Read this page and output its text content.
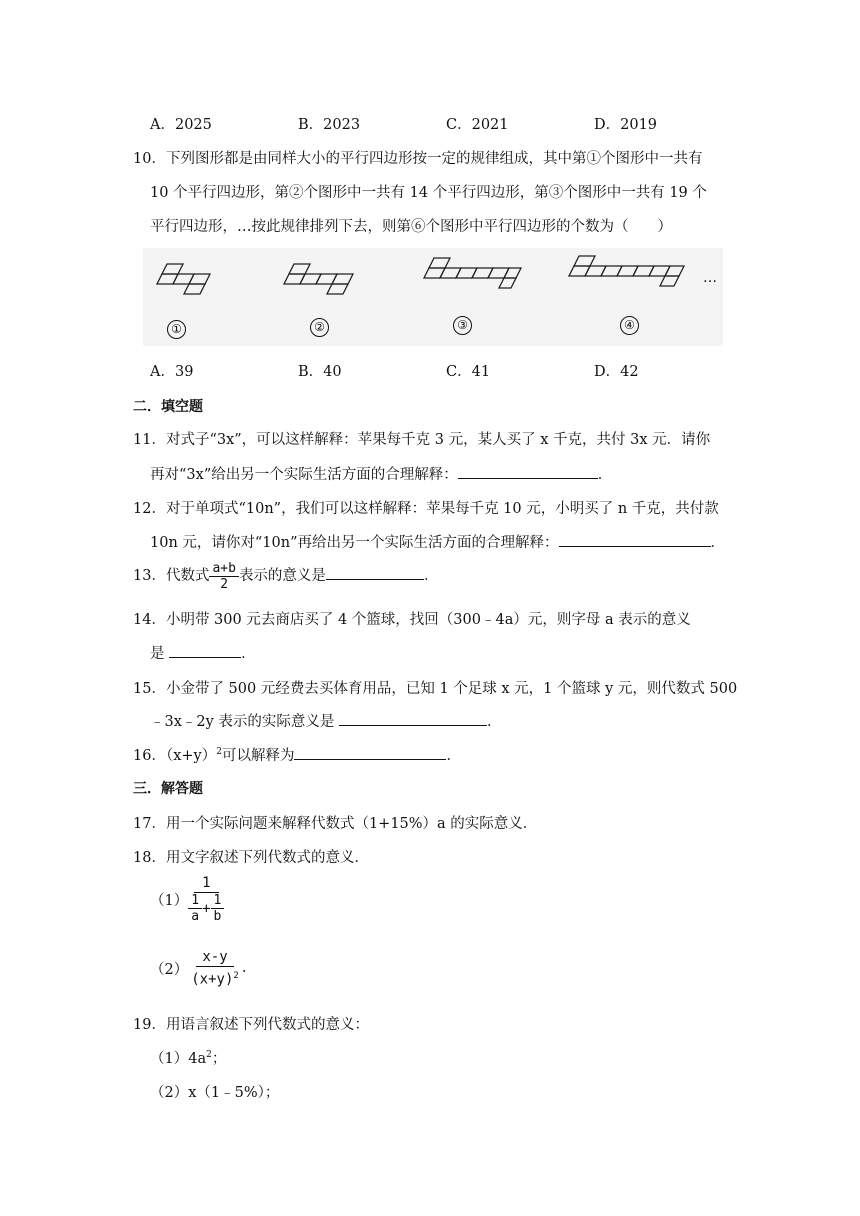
A．2025	B．2023	C．2021	D．2019
10．下列图形都是由同样大小的平行四边形按一定的规律组成，其中第①个图形中一共有
10 个平行四边形，第②个图形中一共有 14 个平行四边形，第③个图形中一共有 19 个
平行四边形，…按此规律排列下去，则第⑥个图形中平行四边形的个数为（　　）
①	②	③	④
…
A．39	B．40	C．41	D．42
二．填空题
11．对式子“3x”，可以这样解释：苹果每千克 3 元，某人买了 x 千克，共付 3x 元．请你
再对“3x”给出另一个实际生活方面的合理解释：	．
12．对于单项式“10n”，我们可以这样解释：苹果每千克 10 元，小明买了 n 千克，共付款
10n 元，请你对“10n”再给出另一个实际生活方面的合理解释：	．
13．代数式 $\frac{a+b}{2}$ 表示的意义是	．
14．小明带 300 元去商店买了 4 个篮球，找回（300﹣4a）元，则字母 a 表示的意义
是	．
15．小金带了 500 元经费去买体育用品，已知 1 个足球 x 元，1 个篮球 y 元，则代数式 500
﹣3x﹣2y 表示的实际意义是	．
16．$(x+y)^2$可以解释为	．
三．解答题
17．用一个实际问题来解释代数式（1+15%）a 的实际意义．
18．用文字叙述下列代数式的意义．
$(1) \frac{1}{\frac{1}{a} + \frac{1}{b}}$
$(2) \frac{x-y}{(x+y)^2}$ .
19．用语言叙述下列代数式的意义：
$(1)4a^2$；
（2）x（1﹣5%）；
